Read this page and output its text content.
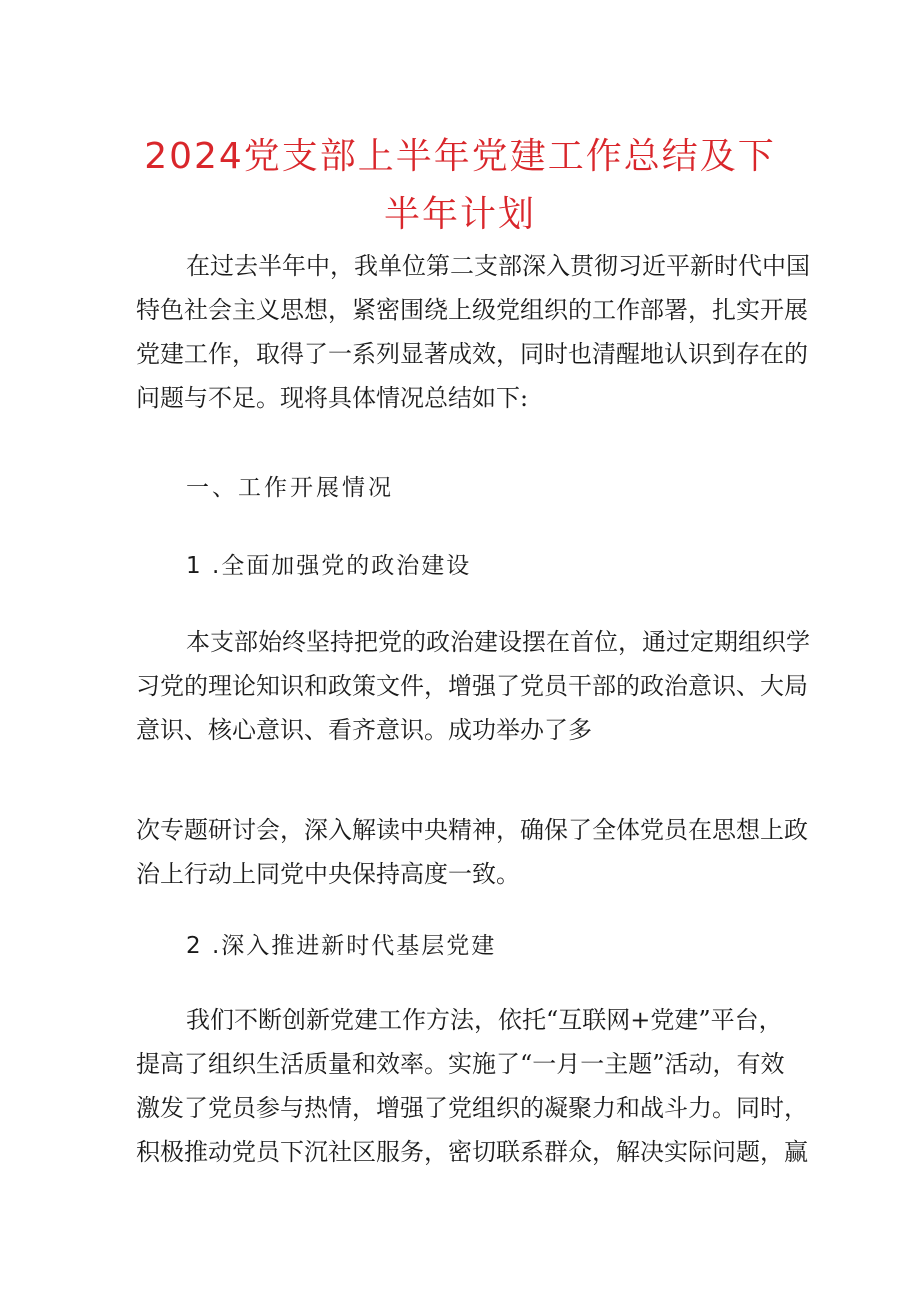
2024党支部上半年党建工作总结及下
半年计划

在过去半年中，我单位第二支部深入贯彻习近平新时代中国
特色社会主义思想，紧密围绕上级党组织的工作部署，扎实开展
党建工作，取得了一系列显著成效，同时也清醒地认识到存在的
问题与不足。现将具体情况总结如下:

一、工作开展情况
1 .全面加强党的政治建设

本支部始终坚持把党的政治建设摆在首位，通过定期组织学
习党的理论知识和政策文件，增强了党员干部的政治意识、大局
意识、核心意识、看齐意识。成功举办了多

次专题研讨会，深入解读中央精神，确保了全体党员在思想上政
治上行动上同党中央保持高度一致。

2 .深入推进新时代基层党建

我们不断创新党建工作方法，依托“互联网+党建”平台，
提高了组织生活质量和效率。实施了“一月一主题”活动，有效
激发了党员参与热情，增强了党组织的凝聚力和战斗力。同时，
积极推动党员下沉社区服务，密切联系群众，解决实际问题，赢
